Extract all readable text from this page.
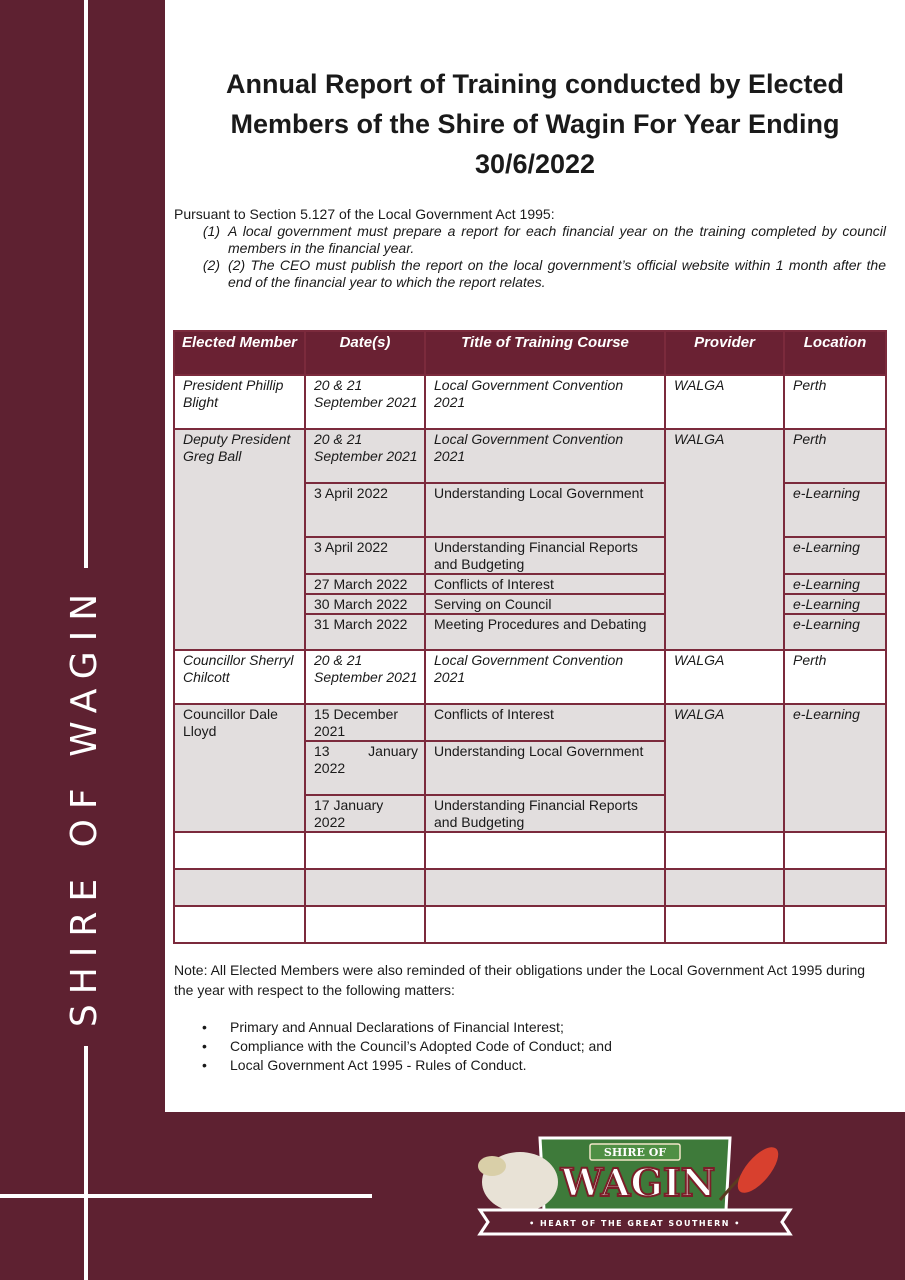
SHIRE OF WAGIN
Annual Report of Training conducted by Elected
Members of the Shire of Wagin For Year Ending
30/6/2022
Pursuant to Section 5.127 of the Local Government Act 1995:
(1) A local government must prepare a report for each financial year on the training completed by council members in the financial year.
(2) (2) The CEO must publish the report on the local government’s official website within 1 month after the end of the financial year to which the report relates.
Elected Member	Date(s)	Title of Training Course	Provider	Location
President Phillip Blight	20 & 21 September 2021	Local Government Convention 2021	WALGA	Perth
Deputy President Greg Ball	20 & 21 September 2021	Local Government Convention 2021	WALGA	Perth
	3 April 2022	Understanding Local Government		e-Learning
	3 April 2022	Understanding Financial Reports and Budgeting		e-Learning
	27 March 2022	Conflicts of Interest		e-Learning
	30 March 2022	Serving on Council		e-Learning
	31 March 2022	Meeting Procedures and Debating		e-Learning
Councillor Sherryl Chilcott	20 & 21 September 2021	Local Government Convention 2021	WALGA	Perth
Councillor Dale Lloyd	15 December 2021	Conflicts of Interest	WALGA	e-Learning
	13 January 2022	Understanding Local Government		
	17 January 2022	Understanding Financial Reports and Budgeting		

Note: All Elected Members were also reminded of their obligations under the Local Government Act 1995 during the year with respect to the following matters:
• Primary and Annual Declarations of Financial Interest;
• Compliance with the Council’s Adopted Code of Conduct; and
• Local Government Act 1995 - Rules of Conduct.
SHIRE OF
WAGIN
• HEART OF THE GREAT SOUTHERN •
